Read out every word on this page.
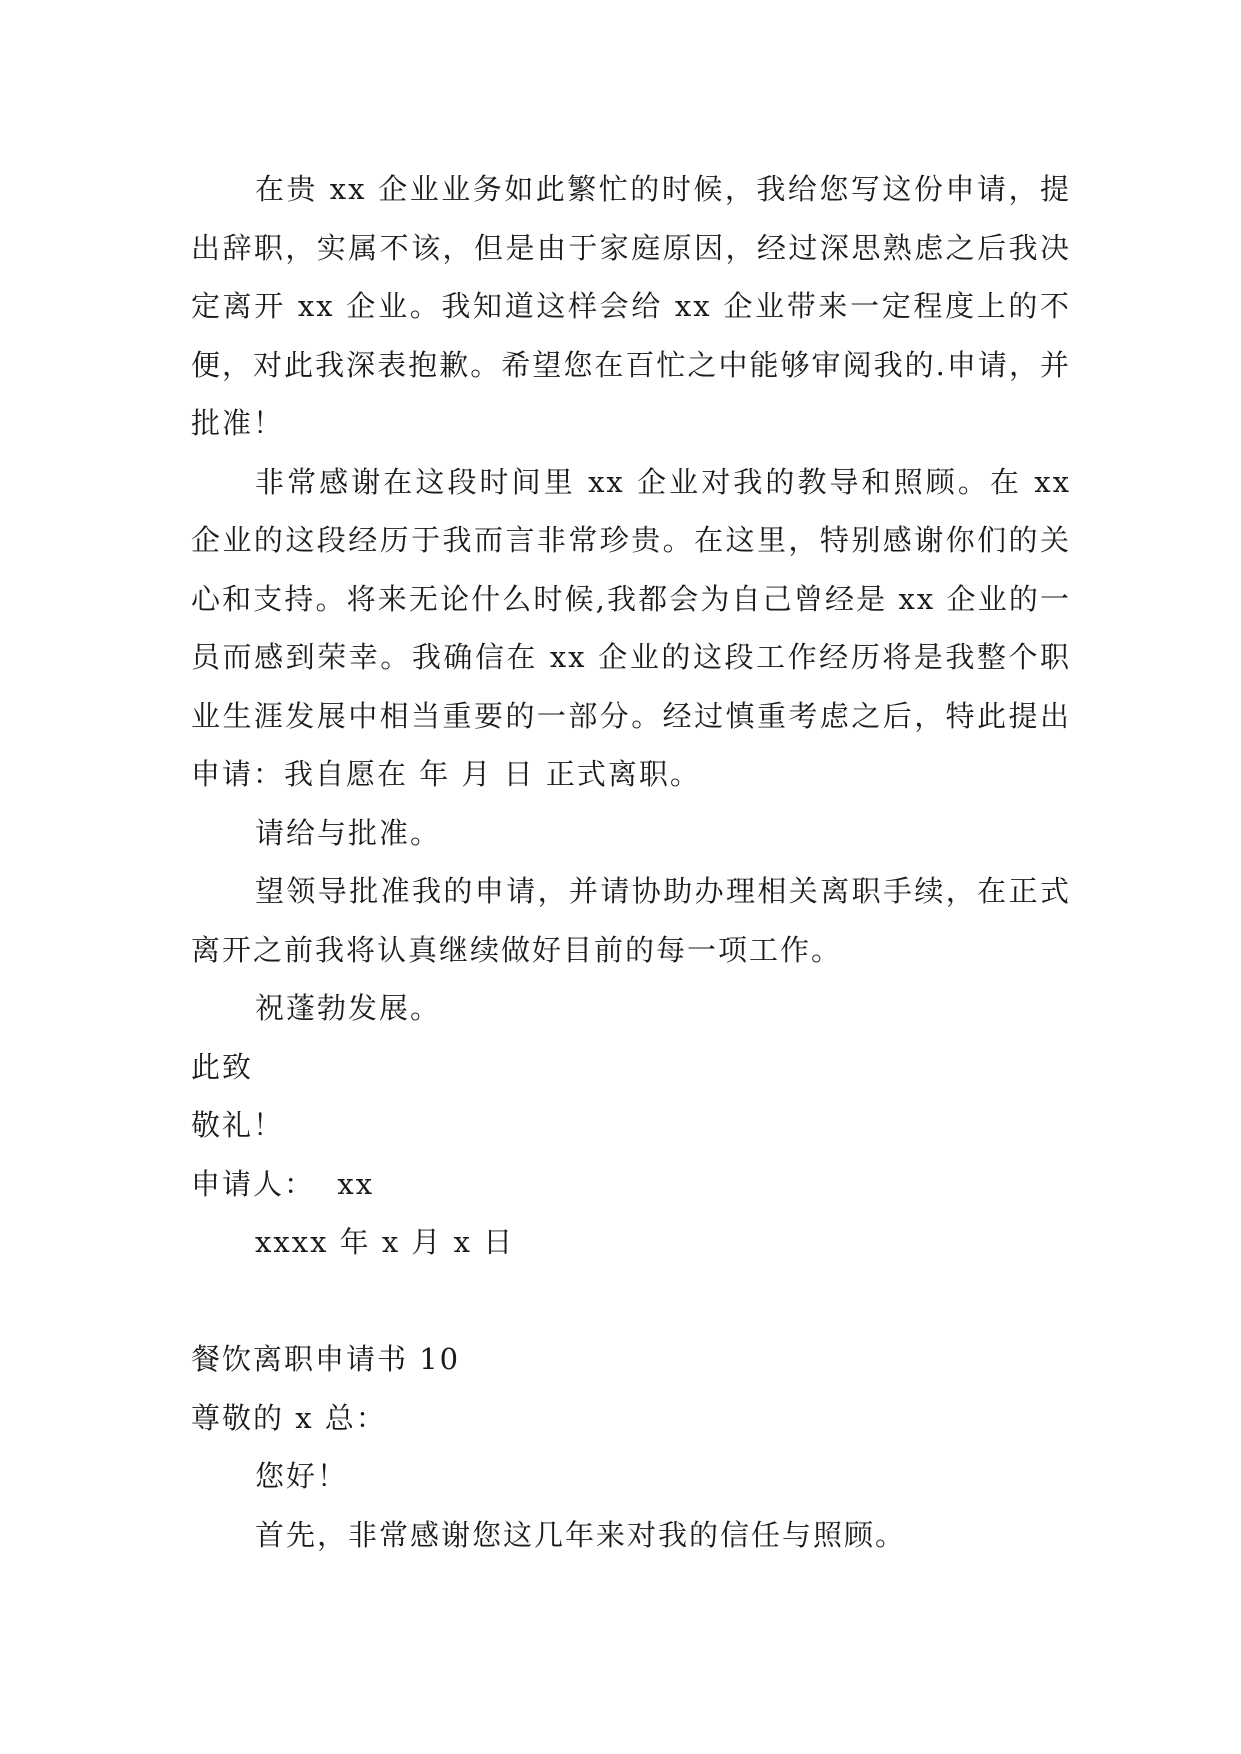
在贵 xx 企业业务如此繁忙的时候，我给您写这份申请，提出辞职，实属不该，但是由于家庭原因，经过深思熟虑之后我决定离开 xx 企业。我知道这样会给 xx 企业带来一定程度上的不便，对此我深表抱歉。希望您在百忙之中能够审阅我的.申请，并批准！

非常感谢在这段时间里 xx 企业对我的教导和照顾。在 xx 企业的这段经历于我而言非常珍贵。在这里，特别感谢你们的关心和支持。将来无论什么时候,我都会为自己曾经是 xx 企业的一员而感到荣幸。我确信在 xx 企业的这段工作经历将是我整个职业生涯发展中相当重要的一部分。经过慎重考虑之后，特此提出申请：我自愿在 年 月 日 正式离职。

请给与批准。

望领导批准我的申请，并请协助办理相关离职手续，在正式离开之前我将认真继续做好目前的每一项工作。

祝蓬勃发展。

此致

敬礼！

申请人：  xx

xxxx 年 x 月 x 日

餐饮离职申请书 10

尊敬的 x 总：

您好！

首先，非常感谢您这几年来对我的信任与照顾。
